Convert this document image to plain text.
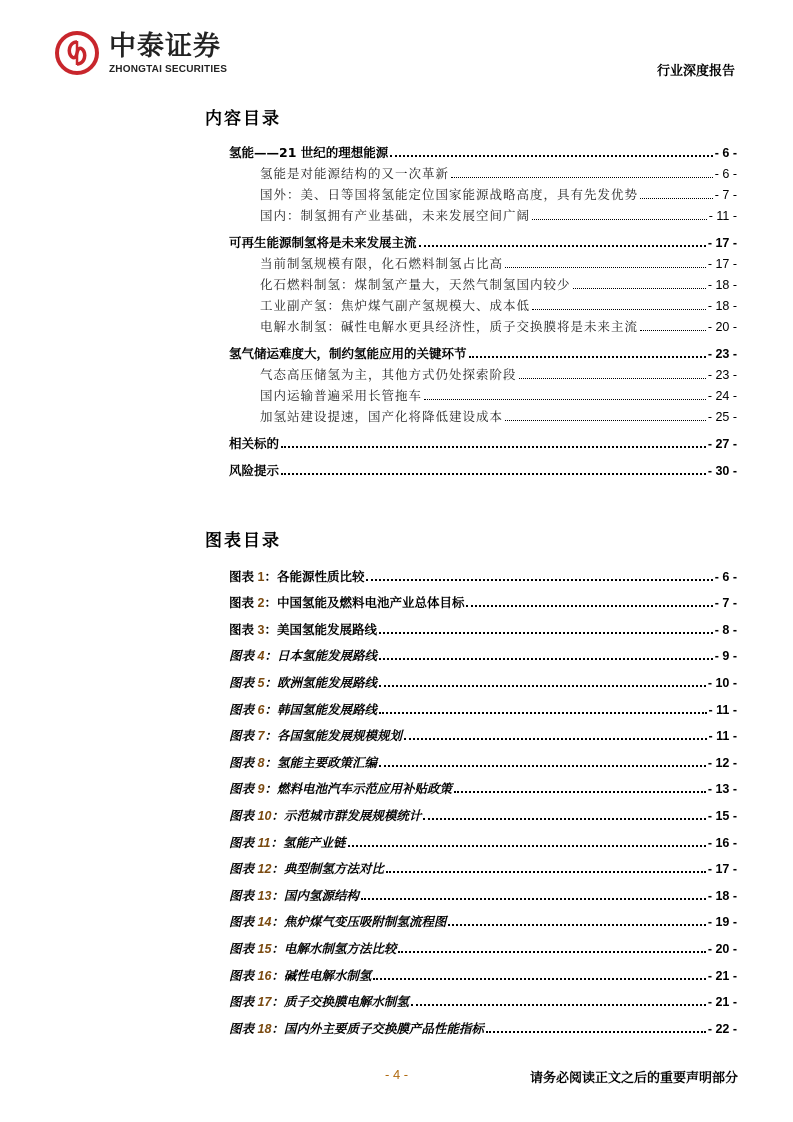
中泰证券
ZHONGTAI SECURITIES	行业深度报告
内容目录
氢能——21 世纪的理想能源	- 6 -
氢能是对能源结构的又一次革新	- 6 -
国外：美、日等国将氢能定位国家能源战略高度，具有先发优势	- 7 -
国内：制氢拥有产业基础，未来发展空间广阔	- 11 -
可再生能源制氢将是未来发展主流	- 17 -
当前制氢规模有限，化石燃料制氢占比高	- 17 -
化石燃料制氢：煤制氢产量大，天然气制氢国内较少	- 18 -
工业副产氢：焦炉煤气副产氢规模大、成本低	- 18 -
电解水制氢：碱性电解水更具经济性，质子交换膜将是未来主流	- 20 -
氢气储运难度大，制约氢能应用的关键环节	- 23 -
气态高压储氢为主，其他方式仍处探索阶段	- 23 -
国内运输普遍采用长管拖车	- 24 -
加氢站建设提速，国产化将降低建设成本	- 25 -
相关标的	- 27 -
风险提示	- 30 -
图表目录
图表 1：各能源性质比较	- 6 -
图表 2：中国氢能及燃料电池产业总体目标	- 7 -
图表 3：美国氢能发展路线	- 8 -
图表 4：日本氢能发展路线	- 9 -
图表 5：欧洲氢能发展路线	- 10 -
图表 6：韩国氢能发展路线	- 11 -
图表 7：各国氢能发展规模规划	- 11 -
图表 8：氢能主要政策汇编	- 12 -
图表 9：燃料电池汽车示范应用补贴政策	- 13 -
图表 10：示范城市群发展规模统计	- 15 -
图表 11：氢能产业链	- 16 -
图表 12：典型制氢方法对比	- 17 -
图表 13：国内氢源结构	- 18 -
图表 14：焦炉煤气变压吸附制氢流程图	- 19 -
图表 15：电解水制氢方法比较	- 20 -
图表 16：碱性电解水制氢	- 21 -
图表 17：质子交换膜电解水制氢	- 21 -
图表 18：国内外主要质子交换膜产品性能指标	- 22 -
- 4 -	请务必阅读正文之后的重要声明部分
